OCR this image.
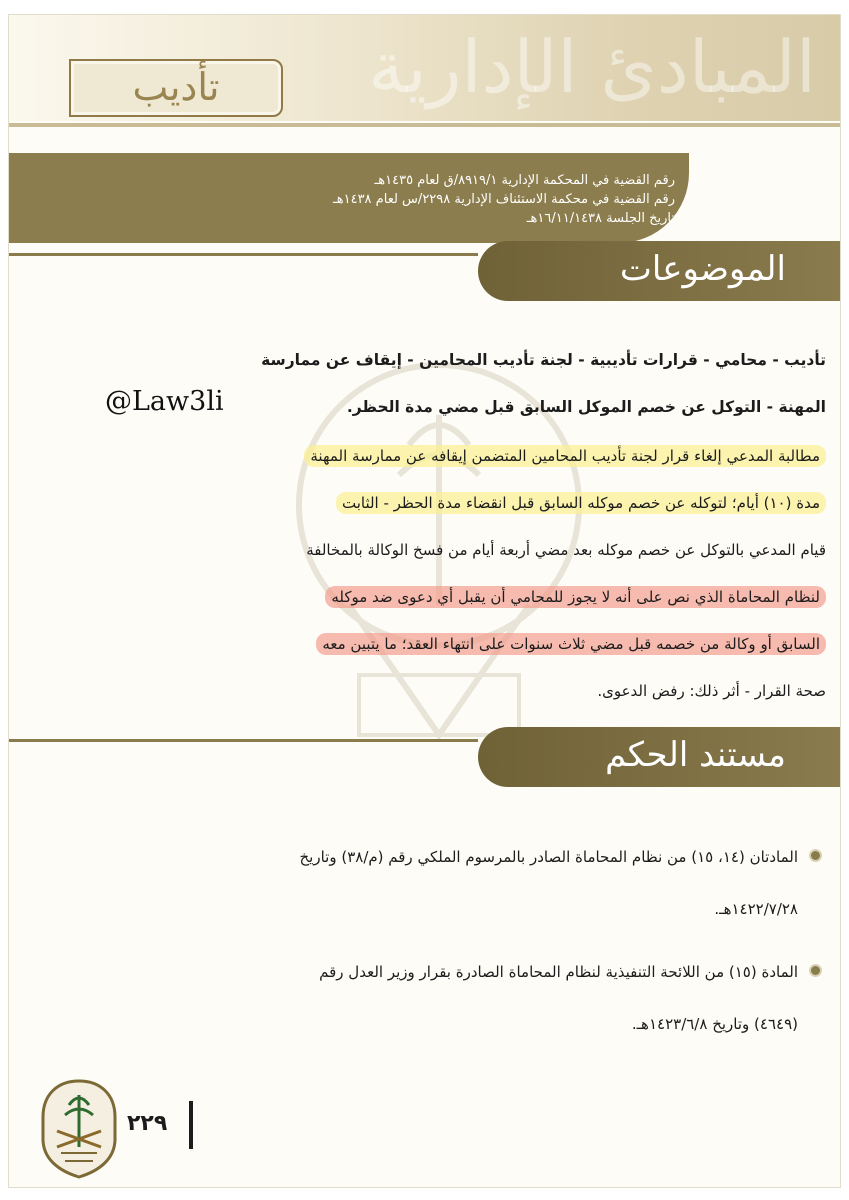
المبادئ الإدارية
تأديب
رقم القضية في المحكمة الإدارية ٨٩١٩/١/ق لعام ١٤٣٥هـ
رقم القضية في محكمة الاستئناف الإدارية ٢٢٩٨/س لعام ١٤٣٨هـ
تاريخ الجلسة ١٦/١١/١٤٣٨هـ
الموضوعات
تأديب - محامي - قرارات تأديبية - لجنة تأديب المحامين - إيقاف عن ممارسة
المهنة - التوكل عن خصم الموكل السابق قبل مضي مدة الحظر.
@Law3li
مطالبة المدعي إلغاء قرار لجنة تأديب المحامين المتضمن إيقافه عن ممارسة المهنة
مدة (١٠) أيام؛ لتوكله عن خصم موكله السابق قبل انقضاء مدة الحظر - الثابت
قيام المدعي بالتوكل عن خصم موكله بعد مضي أربعة أيام من فسخ الوكالة بالمخالفة
لنظام المحاماة الذي نص على أنه لا يجوز للمحامي أن يقبل أي دعوى ضد موكله
السابق أو وكالة من خصمه قبل مضي ثلاث سنوات على انتهاء العقد؛ ما يتبين معه
صحة القرار - أثر ذلك: رفض الدعوى.
مستند الحكم
المادتان (١٤، ١٥) من نظام المحاماة الصادر بالمرسوم الملكي رقم (م/٣٨) وتاريخ
١٤٢٢/٧/٢٨هـ.
المادة (١٥) من اللائحة التنفيذية لنظام المحاماة الصادرة بقرار وزير العدل رقم
(٤٦٤٩) وتاريخ ١٤٢٣/٦/٨هـ.
٢٢٩
